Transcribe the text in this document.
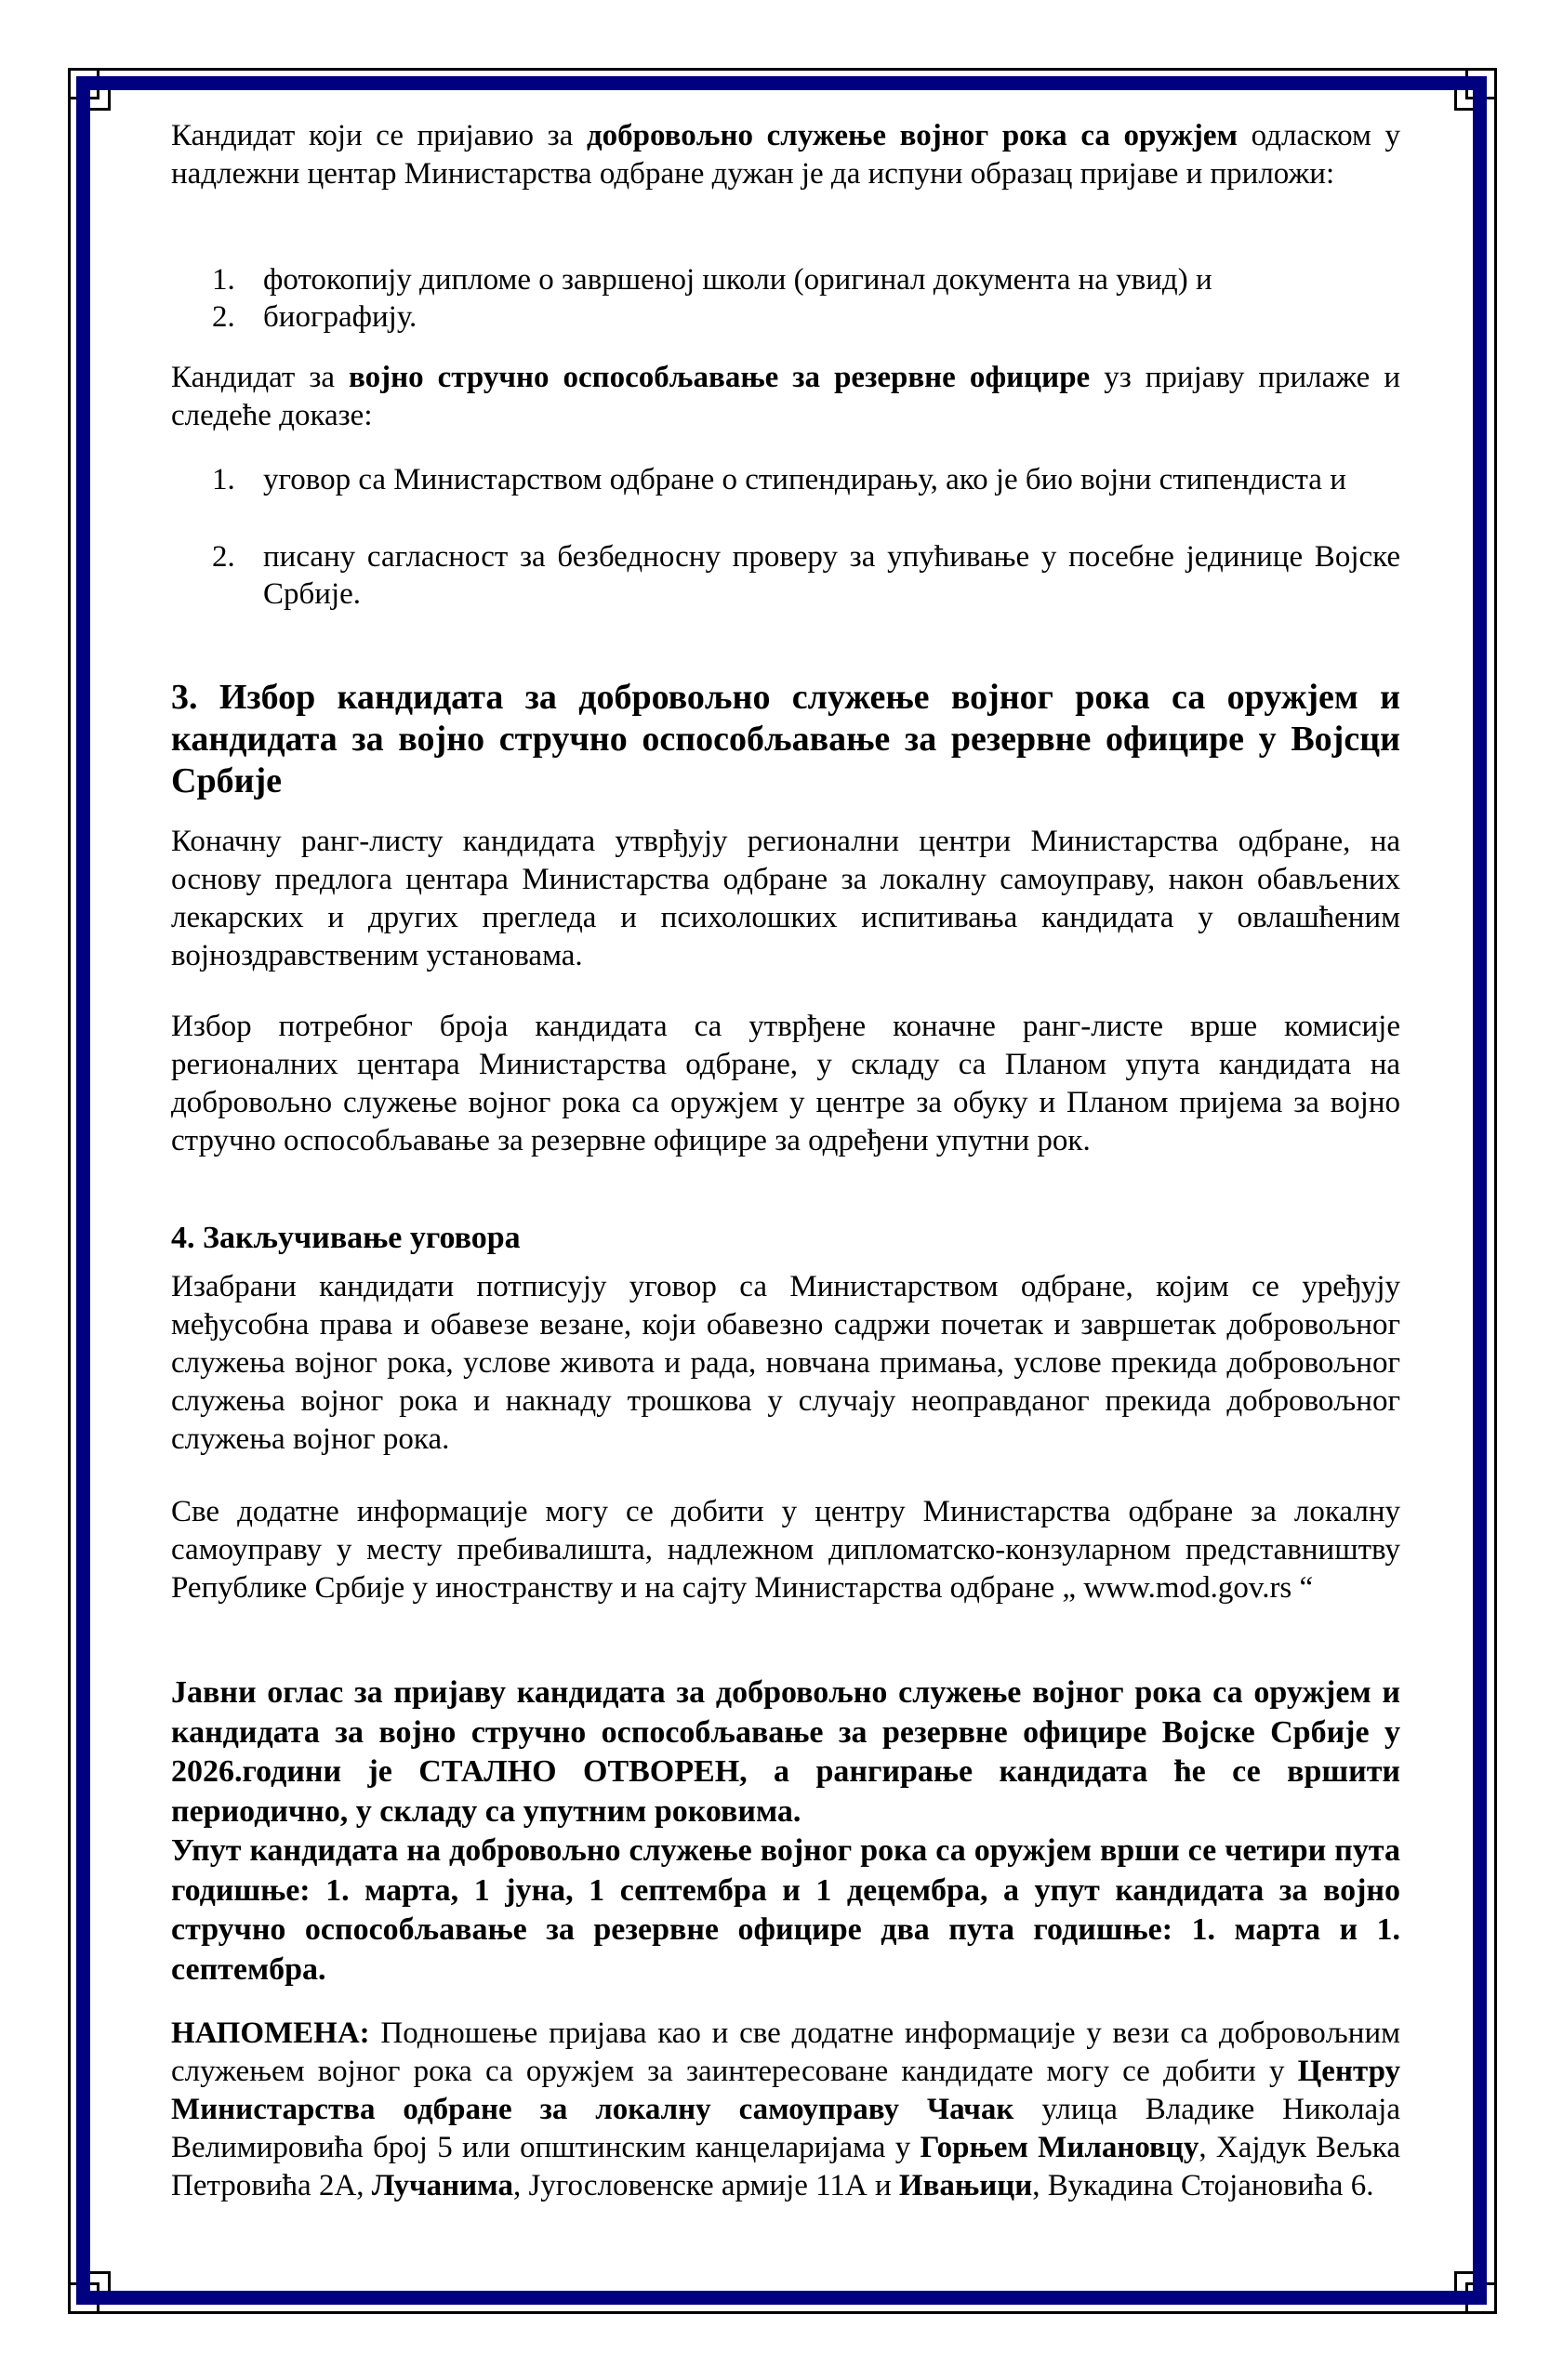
Кандидат који се пријавио за добровољно служење војног рока са оружјем одласком у надлежни центар Министарства одбране дужан је да испуни образац пријаве и приложи:
1. фотокопију дипломе о завршеној школи (оригинал документа на увид) и
2. биографију.
Кандидат за војно стручно оспособљавање за резервне официре уз пријаву прилаже и следеће доказе:
1. уговор са Министарством одбране о стипендирању, ако је био војни стипендиста и
2. писану сагласност за безбедносну проверу за упућивање у посебне јединице Војске Србије.
3. Избор кандидата за добровољно служење војног рока са оружјем и кандидата за војно стручно оспособљавање за резервне официре у Војсци Србије
Коначну ранг-листу кандидата утврђују регионални центри Министарства одбране, на основу предлога центара Министарства одбране за локалну самоуправу, након обављених лекарских и других прегледа и психолошких испитивања кандидата у овлашћеним војноздравственим установама.
Избор потребног броја кандидата са утврђене коначне ранг-листе врше комисије регионалних центара Министарства одбране, у складу са Планом упута кандидата на добровољно служење војног рока са оружјем у центре за обуку и Планом пријема за војно стручно оспособљавање за резервне официре за одређени упутни рок.
4. Закључивање уговора
Изабрани кандидати потписују уговор са Министарством одбране, којим се уређују међусобна права и обавезе везане, који обавезно садржи почетак и завршетак добровољног служења војног рока, услове живота и рада, новчана примања, услове прекида добровољног служења војног рока и накнаду трошкова у случају неоправданог прекида добровољног служења војног рока.
Све додатне информације могу се добити у центру Министарства одбране за локалну самоуправу у месту пребивалишта, надлежном дипломатско-конзуларном представништву Републике Србије у иностранству и на сајту Министарства одбране „ www.mod.gov.rs “
Јавни оглас за пријаву кандидата за добровољно служење војног рока са оружјем и кандидата за војно стручно оспособљавање за резервне официре Војске Србије у 2026.години је СТАЛНО ОТВОРЕН, а рангирање кандидата ће се вршити периодично, у складу са упутним роковима.
Упут кандидата на добровољно служење војног рока са оружјем врши се четири пута годишње: 1. марта, 1 јуна, 1 септембра и 1 децембра, а упут кандидата за војно стручно оспособљавање за резервне официре два пута годишње: 1. марта и 1. септембра.
НАПОМЕНА: Подношење пријава као и све додатне информације у вези са добровољним служењем војног рока са оружјем за заинтересоване кандидате могу се добити у Центру Министарства одбране за локалну самоуправу Чачак улица Владике Николаја Велимировића број 5 или општинским канцеларијама у Горњем Милановцу, Хајдук Вељка Петровића 2А, Лучанима, Југословенске армије 11А и Ивањици, Вукадина Стојановића 6.
